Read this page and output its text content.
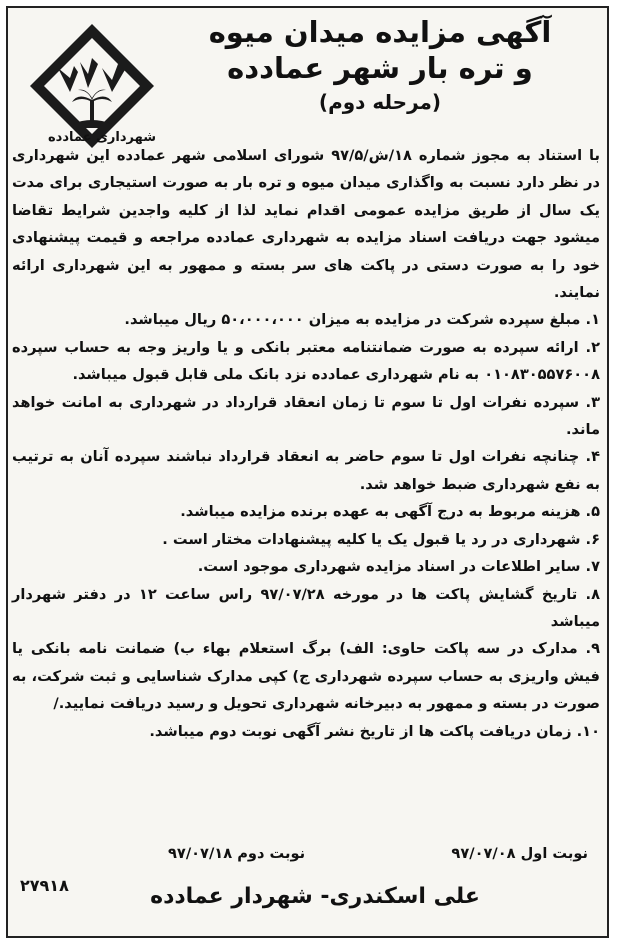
شهرداری عمادده
آگهی مزایده میدان میوه
و تره بار شهر عمادده
(مرحله دوم)

با استناد به مجوز شماره ۱۸/ش/۹۷/۵ شورای اسلامی شهر عمادده این شهرداری در نظر دارد نسبت به واگذاری میدان میوه و تره بار به صورت استیجاری برای مدت یک سال از طریق مزایده عمومی اقدام نماید لذا از کلیه واجدین شرایط تقاضا میشود جهت دریافت اسناد مزایده به شهرداری عمادده مراجعه و قیمت پیشنهادی خود را به صورت دستی در پاکت های سر بسته و ممهور به این شهرداری ارائه نمایند.

۱. مبلغ سپرده شرکت در مزایده به میزان ۵۰،۰۰۰،۰۰۰ ریال میباشد.

۲. ارائه سپرده به صورت ضمانتنامه معتبر بانکی و یا واریز وجه به حساب سپرده ۰۱۰۸۳۰۵۵۷۶۰۰۸ به نام شهرداری عمادده نزد بانک ملی قابل قبول میباشد.

۳. سپرده نفرات اول تا سوم تا زمان انعقاد قرارداد در شهرداری به امانت خواهد ماند.

۴. چنانچه نفرات اول تا سوم حاضر به انعقاد قرارداد نباشند سپرده آنان به ترتیب به نفع شهرداری ضبط خواهد شد.

۵. هزینه مربوط به درج آگهی به عهده برنده مزایده میباشد.

۶. شهرداری در رد یا قبول یک یا کلیه پیشنهادات مختار است .

۷. سایر اطلاعات در اسناد مزایده شهرداری موجود است.

۸. تاریخ گشایش پاکت ها در مورخه ۹۷/۰۷/۲۸ راس ساعت ۱۲ در دفتر شهردار میباشد

۹. مدارک در سه پاکت حاوی: الف) برگ استعلام بهاء ب) ضمانت نامه بانکی یا فیش واریزی به حساب سپرده شهرداری ج) کپی مدارک شناسایی و ثبت شرکت، به صورت در بسته و ممهور به دبیرخانه شهرداری تحویل و رسید دریافت نمایید./

۱۰. زمان دریافت پاکت ها از تاریخ نشر آگهی نوبت دوم میباشد.

نوبت اول ۹۷/۰۷/۰۸
نوبت دوم ۹۷/۰۷/۱۸
۲۷۹۱۸	علی اسکندری- شهردار عمادده
